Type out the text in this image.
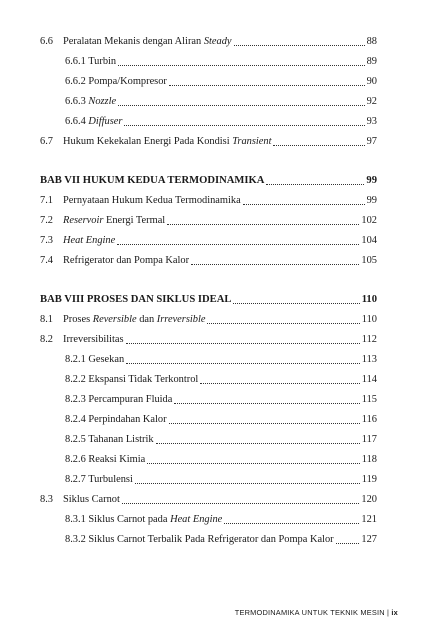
6.6 Peralatan Mekanis dengan Aliran Steady	88
6.6.1 Turbin	89
6.6.2 Pompa/Kompresor	90
6.6.3 Nozzle	92
6.6.4 Diffuser	93
6.7 Hukum Kekekalan Energi Pada Kondisi Transient	97
BAB VII HUKUM KEDUA TERMODINAMIKA	99
7.1 Pernyataan Hukum Kedua Termodinamika	99
7.2 Reservoir Energi Termal	102
7.3 Heat Engine	104
7.4 Refrigerator dan Pompa Kalor	105
BAB VIII PROSES DAN SIKLUS IDEAL	110
8.1 Proses Reversible dan Irreversible	110
8.2 Irreversibilitas	112
8.2.1 Gesekan	113
8.2.2 Ekspansi Tidak Terkontrol	114
8.2.3 Percampuran Fluida	115
8.2.4 Perpindahan Kalor	116
8.2.5 Tahanan Listrik	117
8.2.6 Reaksi Kimia	118
8.2.7 Turbulensi	119
8.3 Siklus Carnot	120
8.3.1 Siklus Carnot pada Heat Engine	121
8.3.2 Siklus Carnot Terbalik Pada Refrigerator dan Pompa Kalor	127
TERMODINAMIKA UNTUK TEKNIK MESIN | ix
